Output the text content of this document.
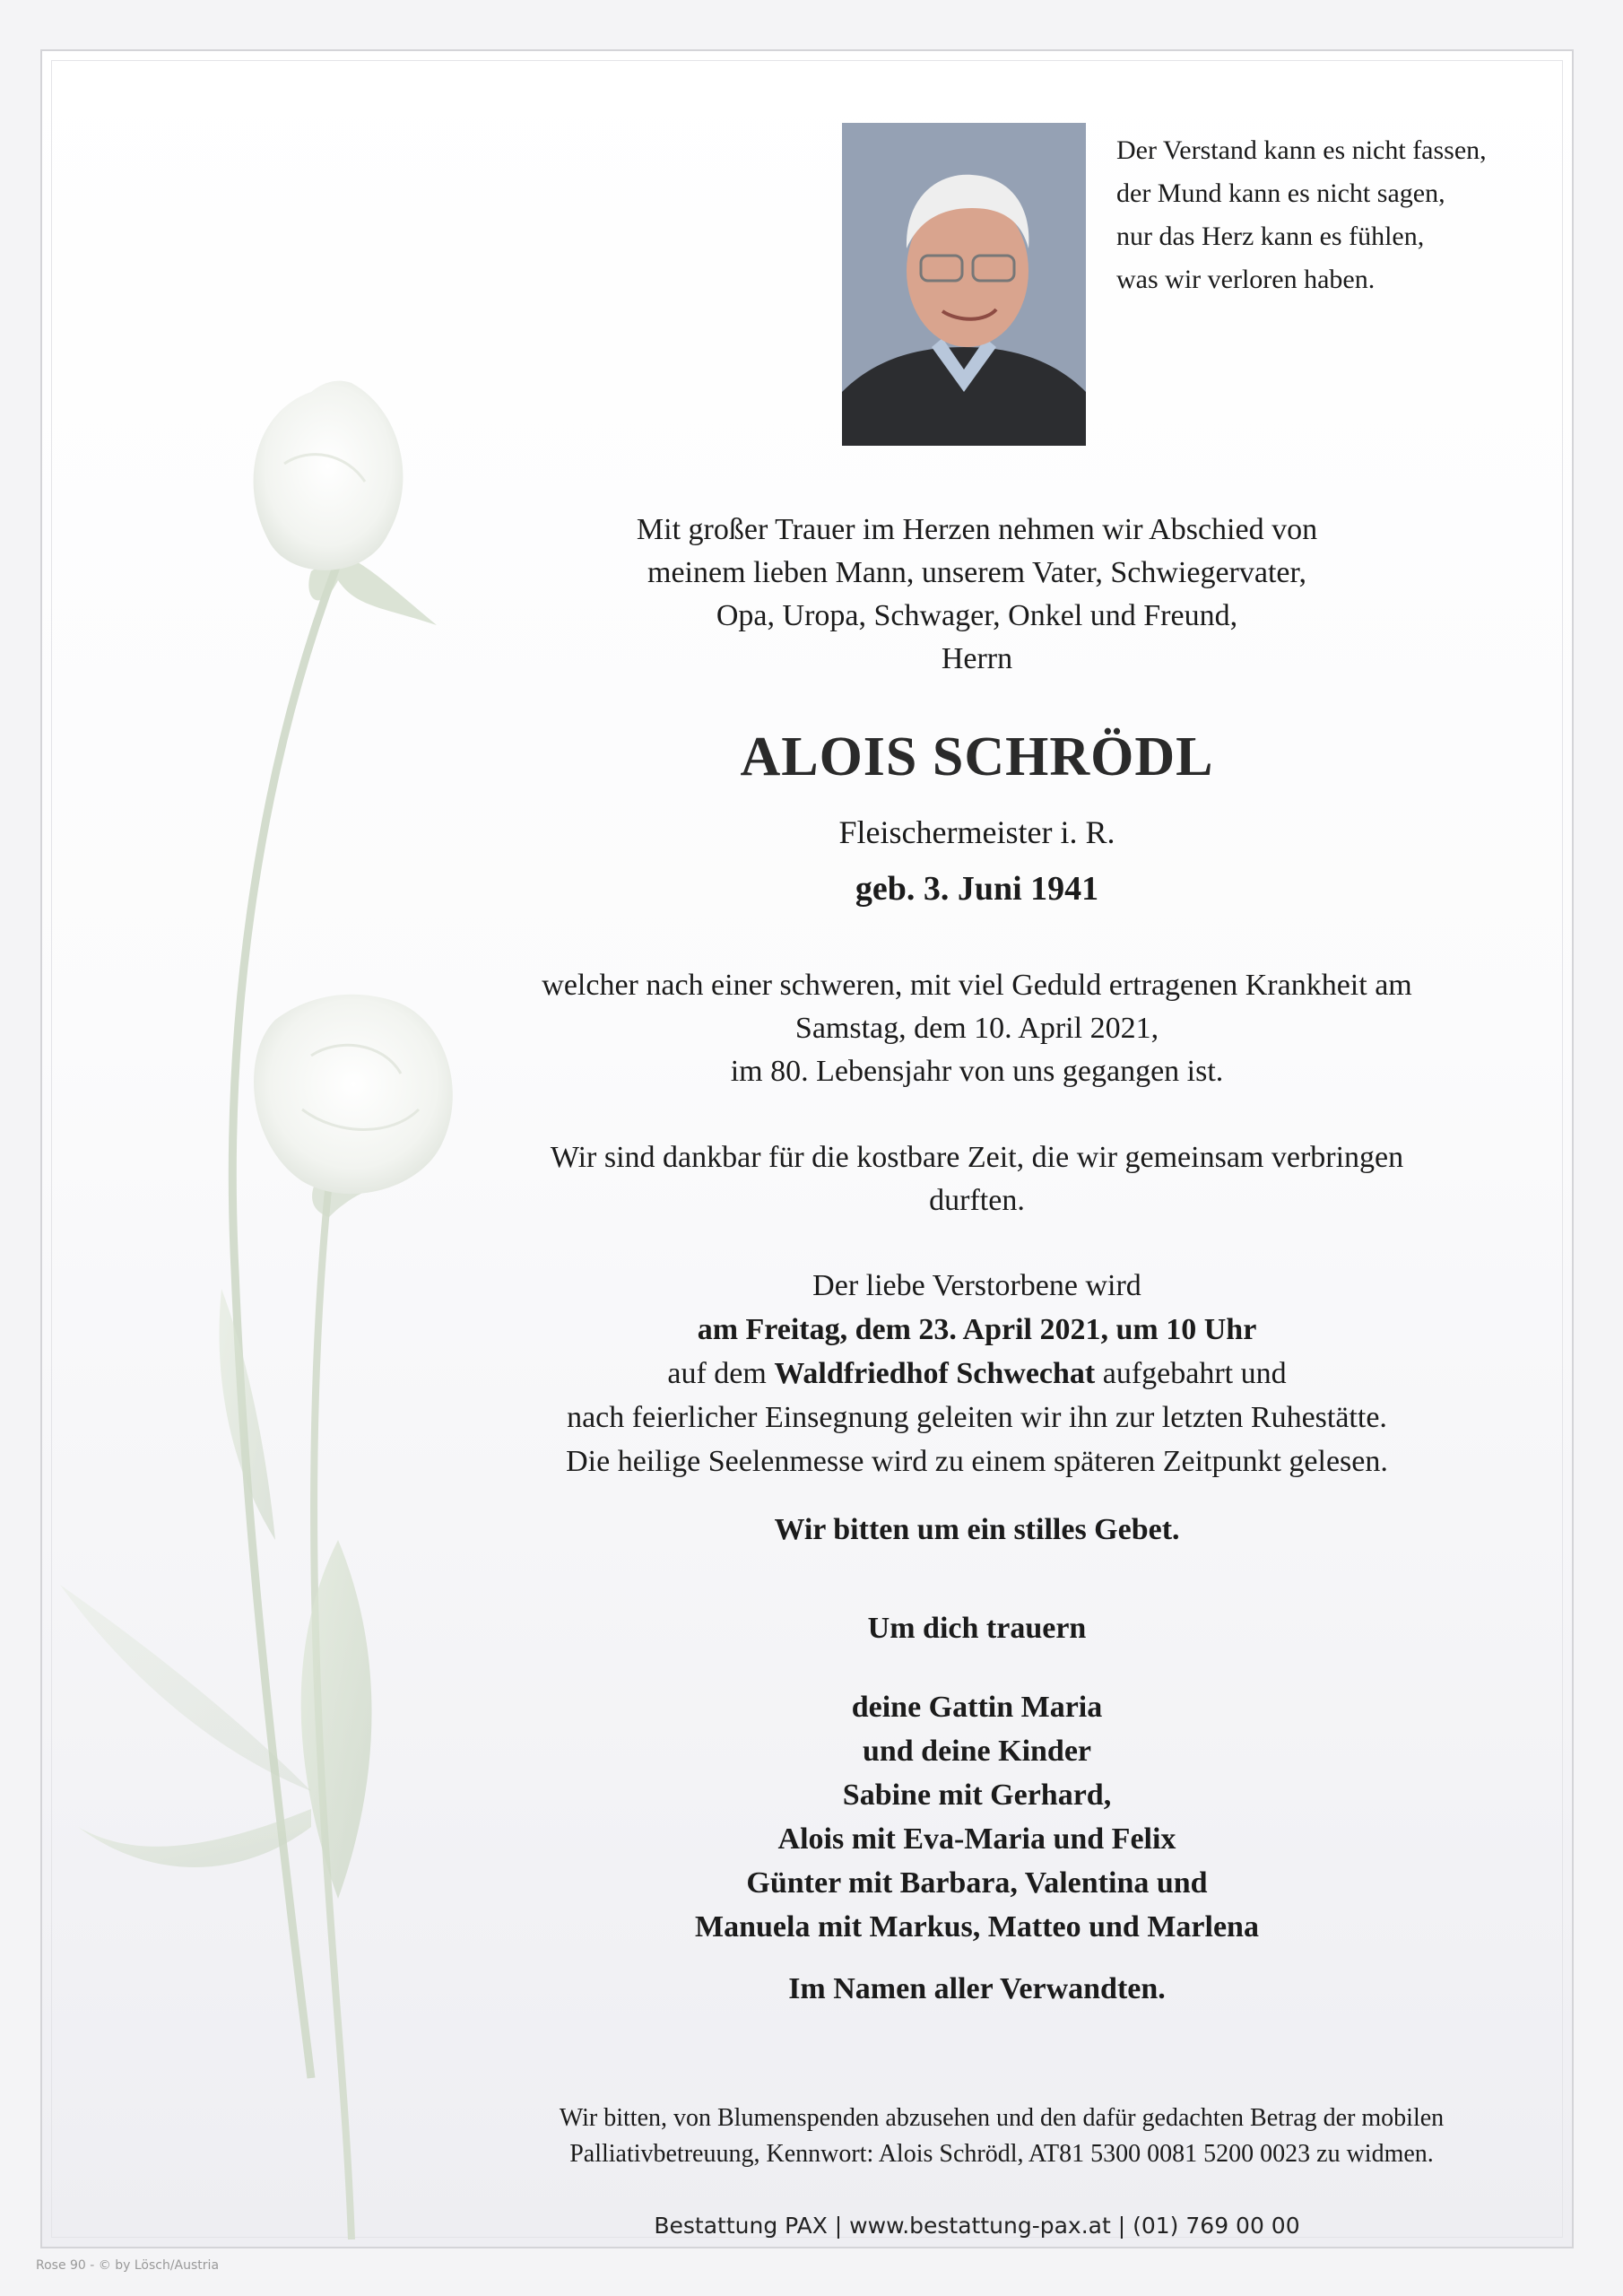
Der Verstand kann es nicht fassen,
der Mund kann es nicht sagen,
nur das Herz kann es fühlen,
was wir verloren haben.
Mit großer Trauer im Herzen nehmen wir Abschied von
meinem lieben Mann, unserem Vater, Schwiegervater,
Opa, Uropa, Schwager, Onkel und Freund,
Herrn
ALOIS SCHRÖDL
Fleischermeister i. R.
geb. 3. Juni 1941
welcher nach einer schweren, mit viel Geduld ertragenen Krankheit am
Samstag, dem 10. April 2021,
im 80. Lebensjahr von uns gegangen ist.
Wir sind dankbar für die kostbare Zeit, die wir gemeinsam verbringen
durften.
Der liebe Verstorbene wird
am Freitag, dem 23. April 2021, um 10 Uhr
auf dem Waldfriedhof Schwechat aufgebahrt und
nach feierlicher Einsegnung geleiten wir ihn zur letzten Ruhestätte.
Die heilige Seelenmesse wird zu einem späteren Zeitpunkt gelesen.
Wir bitten um ein stilles Gebet.
Um dich trauern
deine Gattin Maria
und deine Kinder
Sabine mit Gerhard,
Alois mit Eva-Maria und Felix
Günter mit Barbara, Valentina und
Manuela mit Markus, Matteo und Marlena
Im Namen aller Verwandten.
Wir bitten, von Blumenspenden abzusehen und den dafür gedachten Betrag der mobilen
Palliativbetreuung, Kennwort: Alois Schrödl, AT81 5300 0081 5200 0023 zu widmen.
Bestattung PAX | www.bestattung-pax.at | (01) 769 00 00
Rose 90 - © by Lösch/Austria
